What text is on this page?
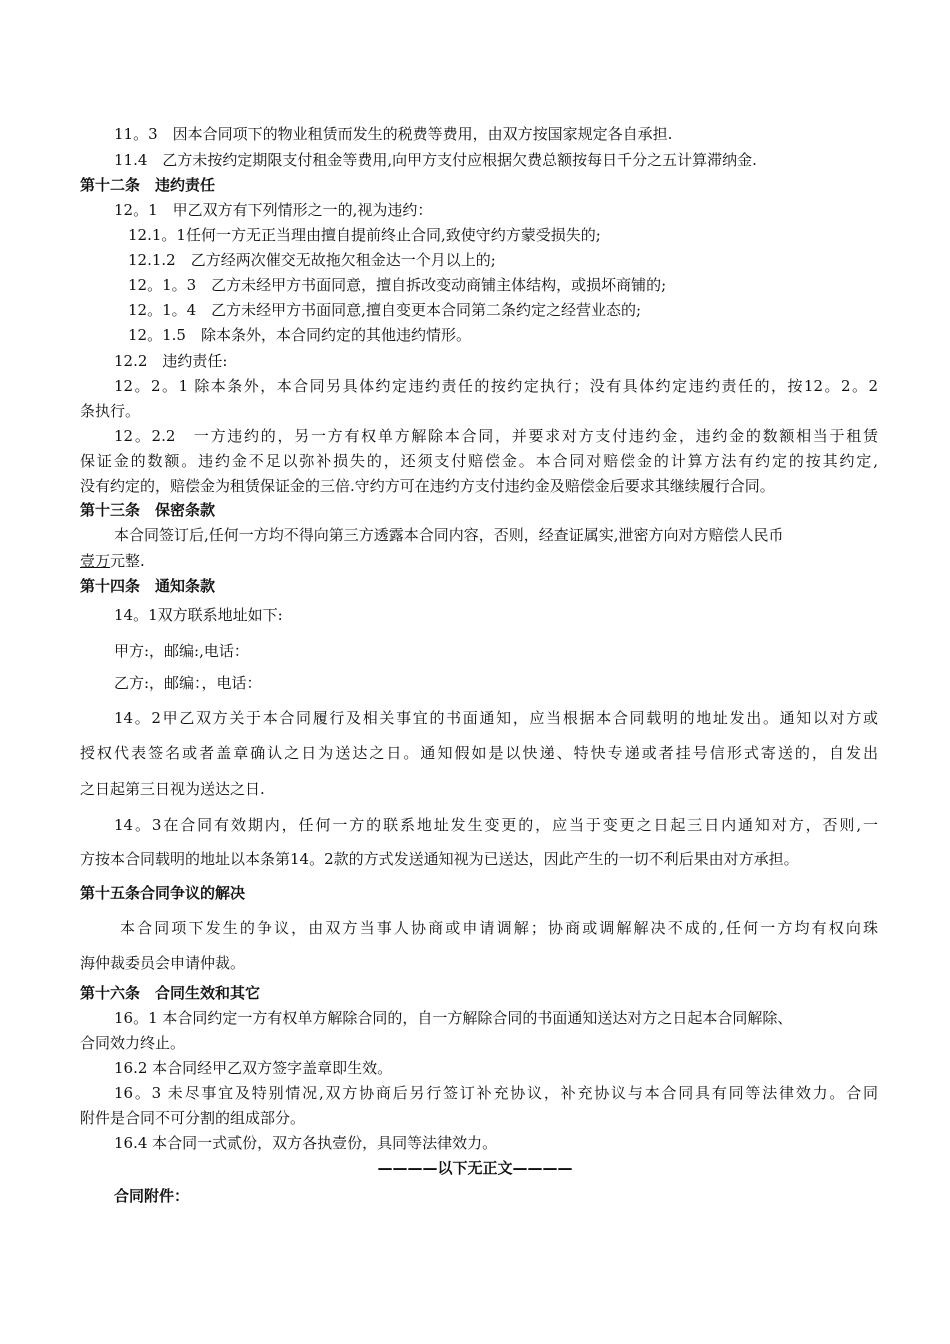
11。3　因本合同项下的物业租赁而发生的税费等费用，由双方按国家规定各自承担.
11.4　乙方未按约定期限支付租金等费用,向甲方支付应根据欠费总额按每日千分之五计算滞纳金.
第十二条　违约责任
12。1　甲乙双方有下列情形之一的,视为违约：
12.1。1任何一方无正当理由擅自提前终止合同,致使守约方蒙受损失的;
12.1.2　乙方经两次催交无故拖欠租金达一个月以上的;
12。1。3　乙方未经甲方书面同意，擅自拆改变动商铺主体结构，或损坏商铺的;
12。1。4　乙方未经甲方书面同意,擅自变更本合同第二条约定之经营业态的;
12。1.5　除本条外，本合同约定的其他违约情形。
12.2　违约责任:
12。2。1 除本条外，本合同另具体约定违约责任的按约定执行；没有具体约定违约责任的，按12。2。2
条执行。
12。2.2　一方违约的，另一方有权单方解除本合同，并要求对方支付违约金，违约金的数额相当于租赁
保证金的数额。违约金不足以弥补损失的，还须支付赔偿金。本合同对赔偿金的计算方法有约定的按其约定,
没有约定的，赔偿金为租赁保证金的三倍.守约方可在违约方支付违约金及赔偿金后要求其继续履行合同。
第十三条　保密条款
本合同签订后,任何一方均不得向第三方透露本合同内容，否则，经查证属实,泄密方向对方赔偿人民币
壹万元整.
第十四条　通知条款
14。1双方联系地址如下:
甲方:，邮编:,电话：
乙方:，邮编：，电话：
14。2甲乙双方关于本合同履行及相关事宜的书面通知，应当根据本合同载明的地址发出。通知以对方或
授权代表签名或者盖章确认之日为送达之日。通知假如是以快递、特快专递或者挂号信形式寄送的，自发出
之日起第三日视为送达之日.
14。3在合同有效期内，任何一方的联系地址发生变更的，应当于变更之日起三日内通知对方，否则,一
方按本合同载明的地址以本条第14。2款的方式发送通知视为已送达，因此产生的一切不利后果由对方承担。
第十五条合同争议的解决
本合同项下发生的争议，由双方当事人协商或申请调解；协商或调解解决不成的,任何一方均有权向珠
海仲裁委员会申请仲裁。
第十六条　合同生效和其它
16。1 本合同约定一方有权单方解除合同的，自一方解除合同的书面通知送达对方之日起本合同解除、
合同效力终止。
16.2 本合同经甲乙双方签字盖章即生效。
16。3 未尽事宜及特别情况,双方协商后另行签订补充协议，补充协议与本合同具有同等法律效力。合同
附件是合同不可分割的组成部分。
16.4 本合同一式贰份，双方各执壹份，具同等法律效力。
————以下无正文————
合同附件：
